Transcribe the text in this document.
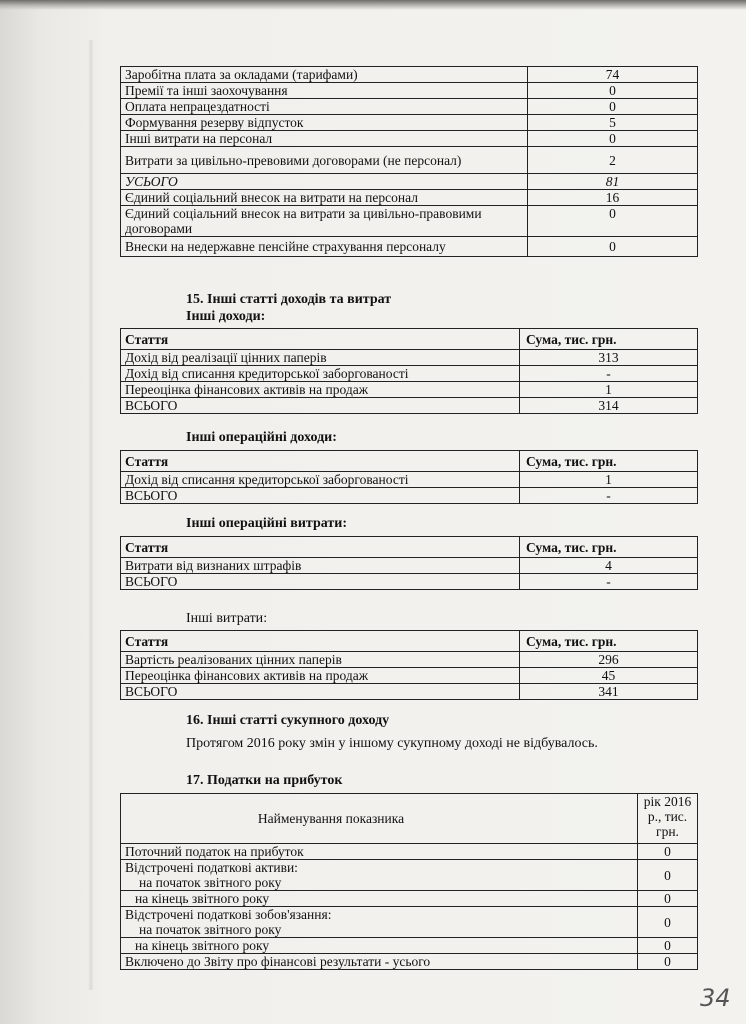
Заробітна плата за окладами (тарифами)	74
Премії та інші заохочування	0
Оплата непрацездатності	0
Формування резерву відпусток	5
Інші витрати на персонал	0
Витрати за цивільно-превовими договорами (не персонал)	2
УСЬОГО	81
Єдиний соціальний внесок на витрати на персонал	16
Єдиний соціальний внесок на витрати за цивільно-правовими договорами	0
Внески на недержавне пенсійне страхування персоналу	0
15. Інші статті доходів та витрат
Інші доходи:
Стаття	Сума, тис. грн.
Дохід від реалізації цінних паперів	313
Дохід від списання кредиторської заборгованості	-
Переоцінка фінансових активів на продаж	1
ВСЬОГО	314
Інші операційні доходи:
Стаття	Сума, тис. грн.
Дохід від списання кредиторської заборгованості	1
ВСЬОГО	-
Інші операційні витрати:
Стаття	Сума, тис. грн.
Витрати від визнаних штрафів	4
ВСЬОГО	-
Інші витрати:
Стаття	Сума, тис. грн.
Вартість реалізованих цінних паперів	296
Переоцінка фінансових активів на продаж	45
ВСЬОГО	341
16. Інші статті сукупного доходу
Протягом 2016 року змін у іншому сукупному доході не відбувалось.
17. Податки на прибуток
Найменування показника	рік 2016 р., тис. грн.
Поточний податок на прибуток	0

Відстрочені податкові активи:
на початок звітного року	0
на кінець звітного року	0

Відстрочені податкові зобов'язання:
на початок звітного року	0
на кінець звітного року	0
Включено до Звіту про фінансові результати - усього	0
34
